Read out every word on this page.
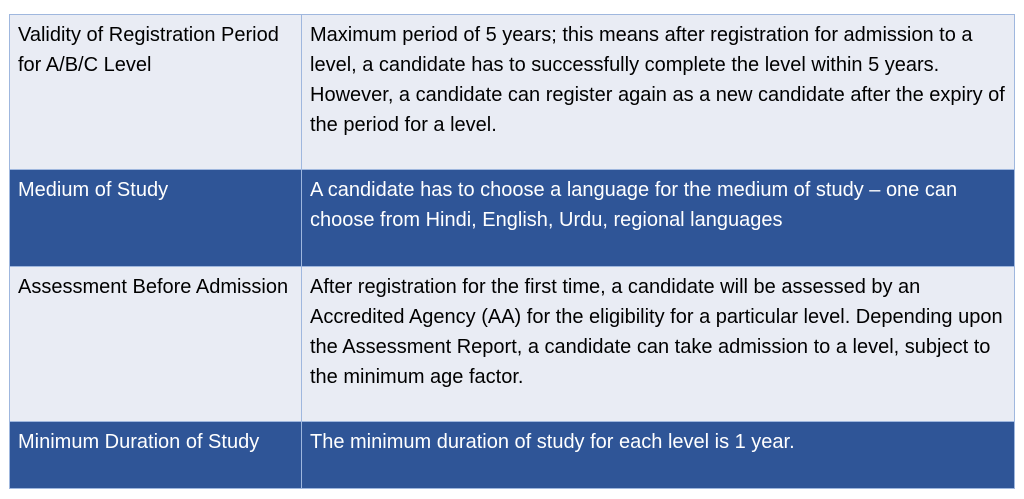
Validity of Registration Period for A/B/C Level	Maximum period of 5 years; this means after registration for admission to a level, a candidate has to successfully complete the level within 5 years. However, a candidate can register again as a new candidate after the expiry of the period for a level.
Medium of Study	A candidate has to choose a language for the medium of study – one can choose from Hindi, English, Urdu, regional languages
Assessment Before Admission	After registration for the first time, a candidate will be assessed by an Accredited Agency (AA) for the eligibility for a particular level. Depending upon the Assessment Report, a candidate can take admission to a level, subject to the minimum age factor.
Minimum Duration of Study	The minimum duration of study for each level is 1 year.
